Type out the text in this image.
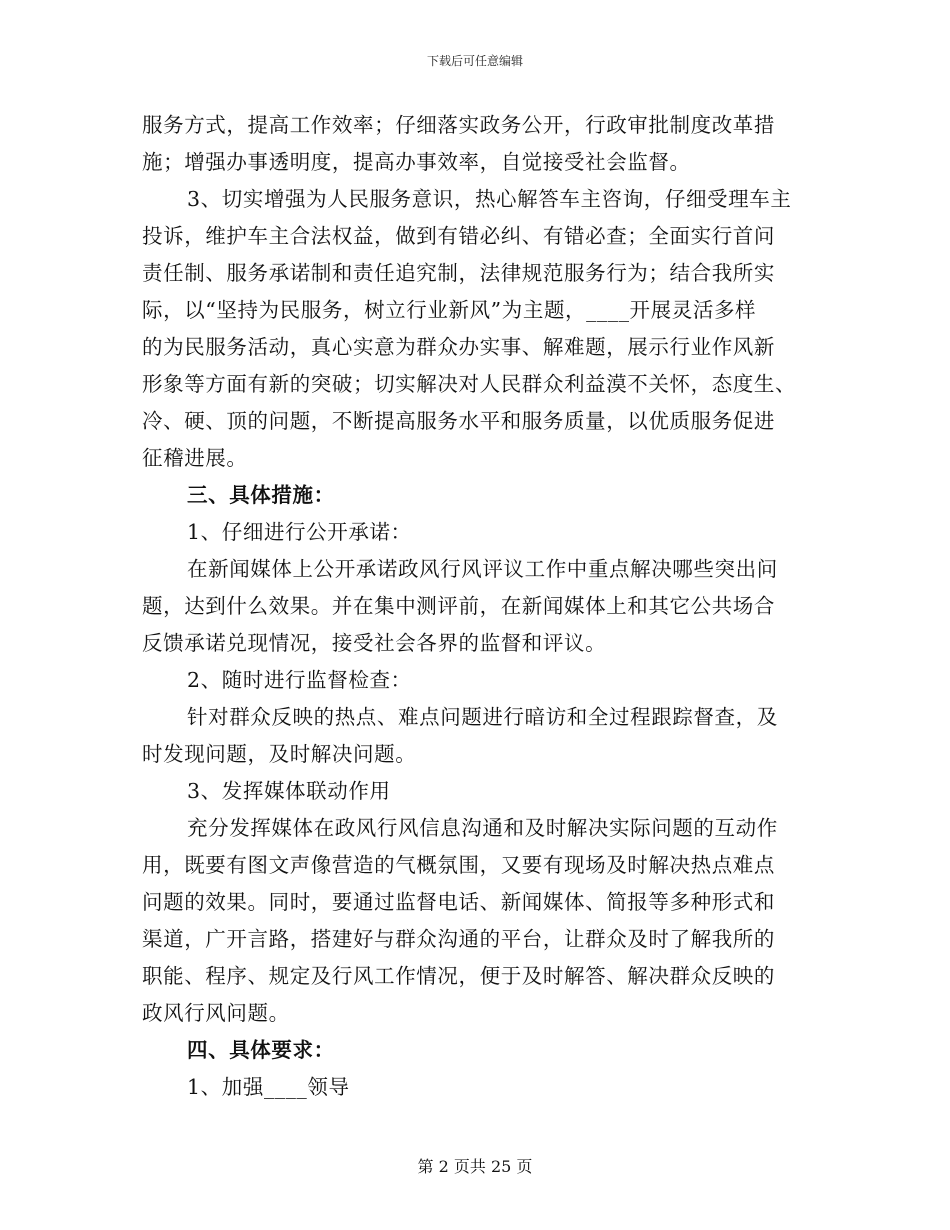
下载后可任意编辑
服务方式，提高工作效率；仔细落实政务公开，行政审批制度改革措
施；增强办事透明度，提高办事效率，自觉接受社会监督。
3、切实增强为人民服务意识，热心解答车主咨询，仔细受理车主
投诉，维护车主合法权益，做到有错必纠、有错必查；全面实行首问
责任制、服务承诺制和责任追究制，法律规范服务行为；结合我所实
际，以“坚持为民服务，树立行业新风”为主题，____开展灵活多样
的为民服务活动，真心实意为群众办实事、解难题，展示行业作风新
形象等方面有新的突破；切实解决对人民群众利益漠不关怀，态度生、
冷、硬、顶的问题，不断提高服务水平和服务质量，以优质服务促进
征稽进展。
三、具体措施：
1、仔细进行公开承诺：
在新闻媒体上公开承诺政风行风评议工作中重点解决哪些突出问
题，达到什么效果。并在集中测评前，在新闻媒体上和其它公共场合
反馈承诺兑现情况，接受社会各界的监督和评议。
2、随时进行监督检查：
针对群众反映的热点、难点问题进行暗访和全过程跟踪督查，及
时发现问题，及时解决问题。
3、发挥媒体联动作用
充分发挥媒体在政风行风信息沟通和及时解决实际问题的互动作
用，既要有图文声像营造的气概氛围，又要有现场及时解决热点难点
问题的效果。同时，要通过监督电话、新闻媒体、简报等多种形式和
渠道，广开言路，搭建好与群众沟通的平台，让群众及时了解我所的
职能、程序、规定及行风工作情况，便于及时解答、解决群众反映的
政风行风问题。
四、具体要求：
1、加强____领导
第 2 页共 25 页
